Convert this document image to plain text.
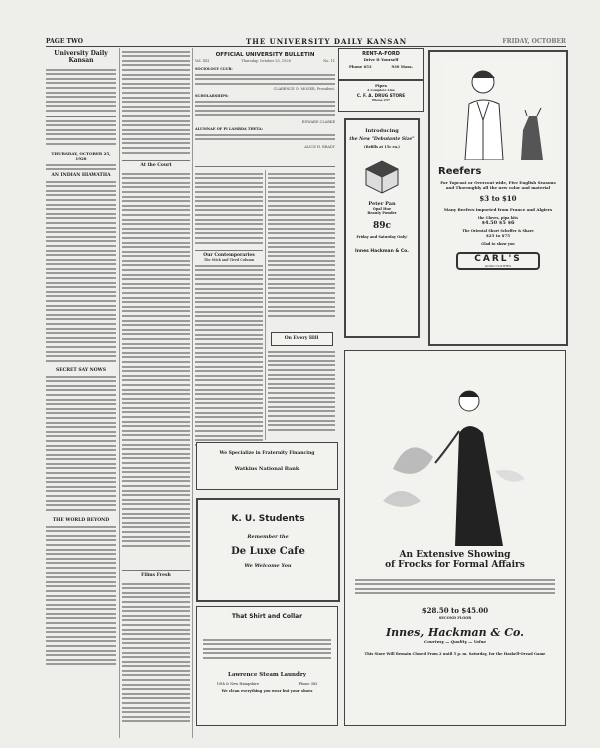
PAGE TWO	THE UNIVERSITY DAILY KANSAN	FRIDAY, OCTOBER
University Daily Kansan
THURSDAY, OCTOBER 25, 1928
AN INDIAN HIAWATHA
SECRET SAY NOWS
THE WORLD BEYOND
At the Court
Films Fresh
OFFICIAL UNIVERSITY BULLETIN
Vol. XXI	Thursday, October 25, 1928	No. 11
SOCIOLOGY CLUB:
CLARENCE O. MOSER, President.
SCHOLARSHIPS:
EDWARD CLARKE
ALUMNAE OF PI LAMBDA THETA:
ALICE H. BRADY
Our Contemporaries
The Stick and Tired Column
On Every Hill
RENT-A-FORD
Drive It Yourself
Phone 653	930 Mass.
Pipes
A Complete Line
C. F. A. DRUG STORE
Phone 237
Introducing
the New "Debutante Size"
(Refills at 15c ea.)
Peter Pan
Opal Hue
Beauty Powder
89c
Friday and Saturday Only!
Innes Hackman & Co.
Reefers
For Topcoat or Overcoat wide, Five English Seasons and Thoroughly all the new color and material
$3 to $10
Many Reefers imported from France and Algiers
the Gloves, pipa kits
$4.50 $5 $6
The Oriental Short Scheffer & Share
$25 to $75
Glad to show you
CARL'S
GOOD CLOTHES
We Specialize in Fraternity Financing
Watkins National Bank
K. U. Students
Remember the
De Luxe Cafe
We Welcome You
That Shirt and Collar
Lawrence Steam Laundry
10th & New Hampshire	Phone 383
We clean everything you wear but your shoes
An Extensive Showing
of Frocks for Formal Affairs
$28.50 to $45.00
SECOND FLOOR
Innes, Hackman & Co.
Courtesy — Quality — Value
This Store Will Remain Closed From 2 until 5 p. m. Saturday, for the Haskell-Oread Game
